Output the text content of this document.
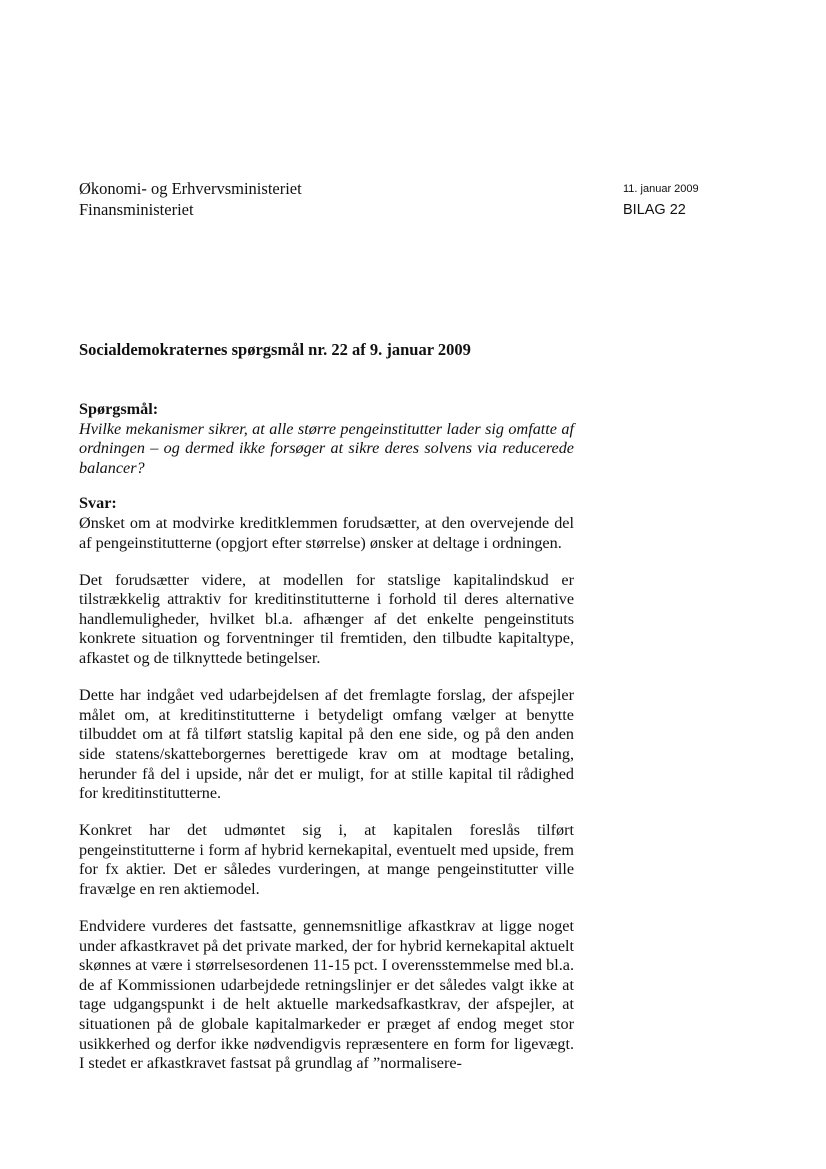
Økonomi- og Erhvervsministeriet
Finansministeriet
11. januar 2009
BILAG 22
Socialdemokraternes spørgsmål nr. 22 af 9. januar 2009
Spørgsmål:
Hvilke mekanismer sikrer, at alle større pengeinstitutter lader sig omfatte af ordningen – og dermed ikke forsøger at sikre deres solvens via reducerede balancer?
Svar:

Ønsket om at modvirke kreditklemmen forudsætter, at den overvejende del af pengeinstitutterne (opgjort efter størrelse) ønsker at deltage i ordningen.

Det forudsætter videre, at modellen for statslige kapitalindskud er tilstrækkelig attraktiv for kreditinstitutterne i forhold til deres alternative handlemuligheder, hvilket bl.a. afhænger af det enkelte pengeinstituts konkrete situation og forventninger til fremtiden, den tilbudte kapitaltype, afkastet og de tilknyttede betingelser.

Dette har indgået ved udarbejdelsen af det fremlagte forslag, der afspejler målet om, at kreditinstitutterne i betydeligt omfang vælger at benytte tilbuddet om at få tilført statslig kapital på den ene side, og på den anden side statens/skatteborgernes berettigede krav om at modtage betaling, herunder få del i upside, når det er muligt, for at stille kapital til rådighed for kreditinstitutterne.

Konkret har det udmøntet sig i, at kapitalen foreslås tilført pengeinstitutterne i form af hybrid kernekapital, eventuelt med upside, frem for fx aktier. Det er således vurderingen, at mange pengeinstitutter ville fravælge en ren aktiemodel.

Endvidere vurderes det fastsatte, gennemsnitlige afkastkrav at ligge noget under afkastkravet på det private marked, der for hybrid kernekapital aktuelt skønnes at være i størrelsesordenen 11-15 pct. I overensstemmelse med bl.a. de af Kommissionen udarbejdede retningslinjer er det således valgt ikke at tage udgangspunkt i de helt aktuelle markedsafkastkrav, der afspejler, at situationen på de globale kapitalmarkeder er præget af endog meget stor usikkerhed og derfor ikke nødvendigvis repræsentere en form for ligevægt. I stedet er afkastkravet fastsat på grundlag af ”normalisere-
